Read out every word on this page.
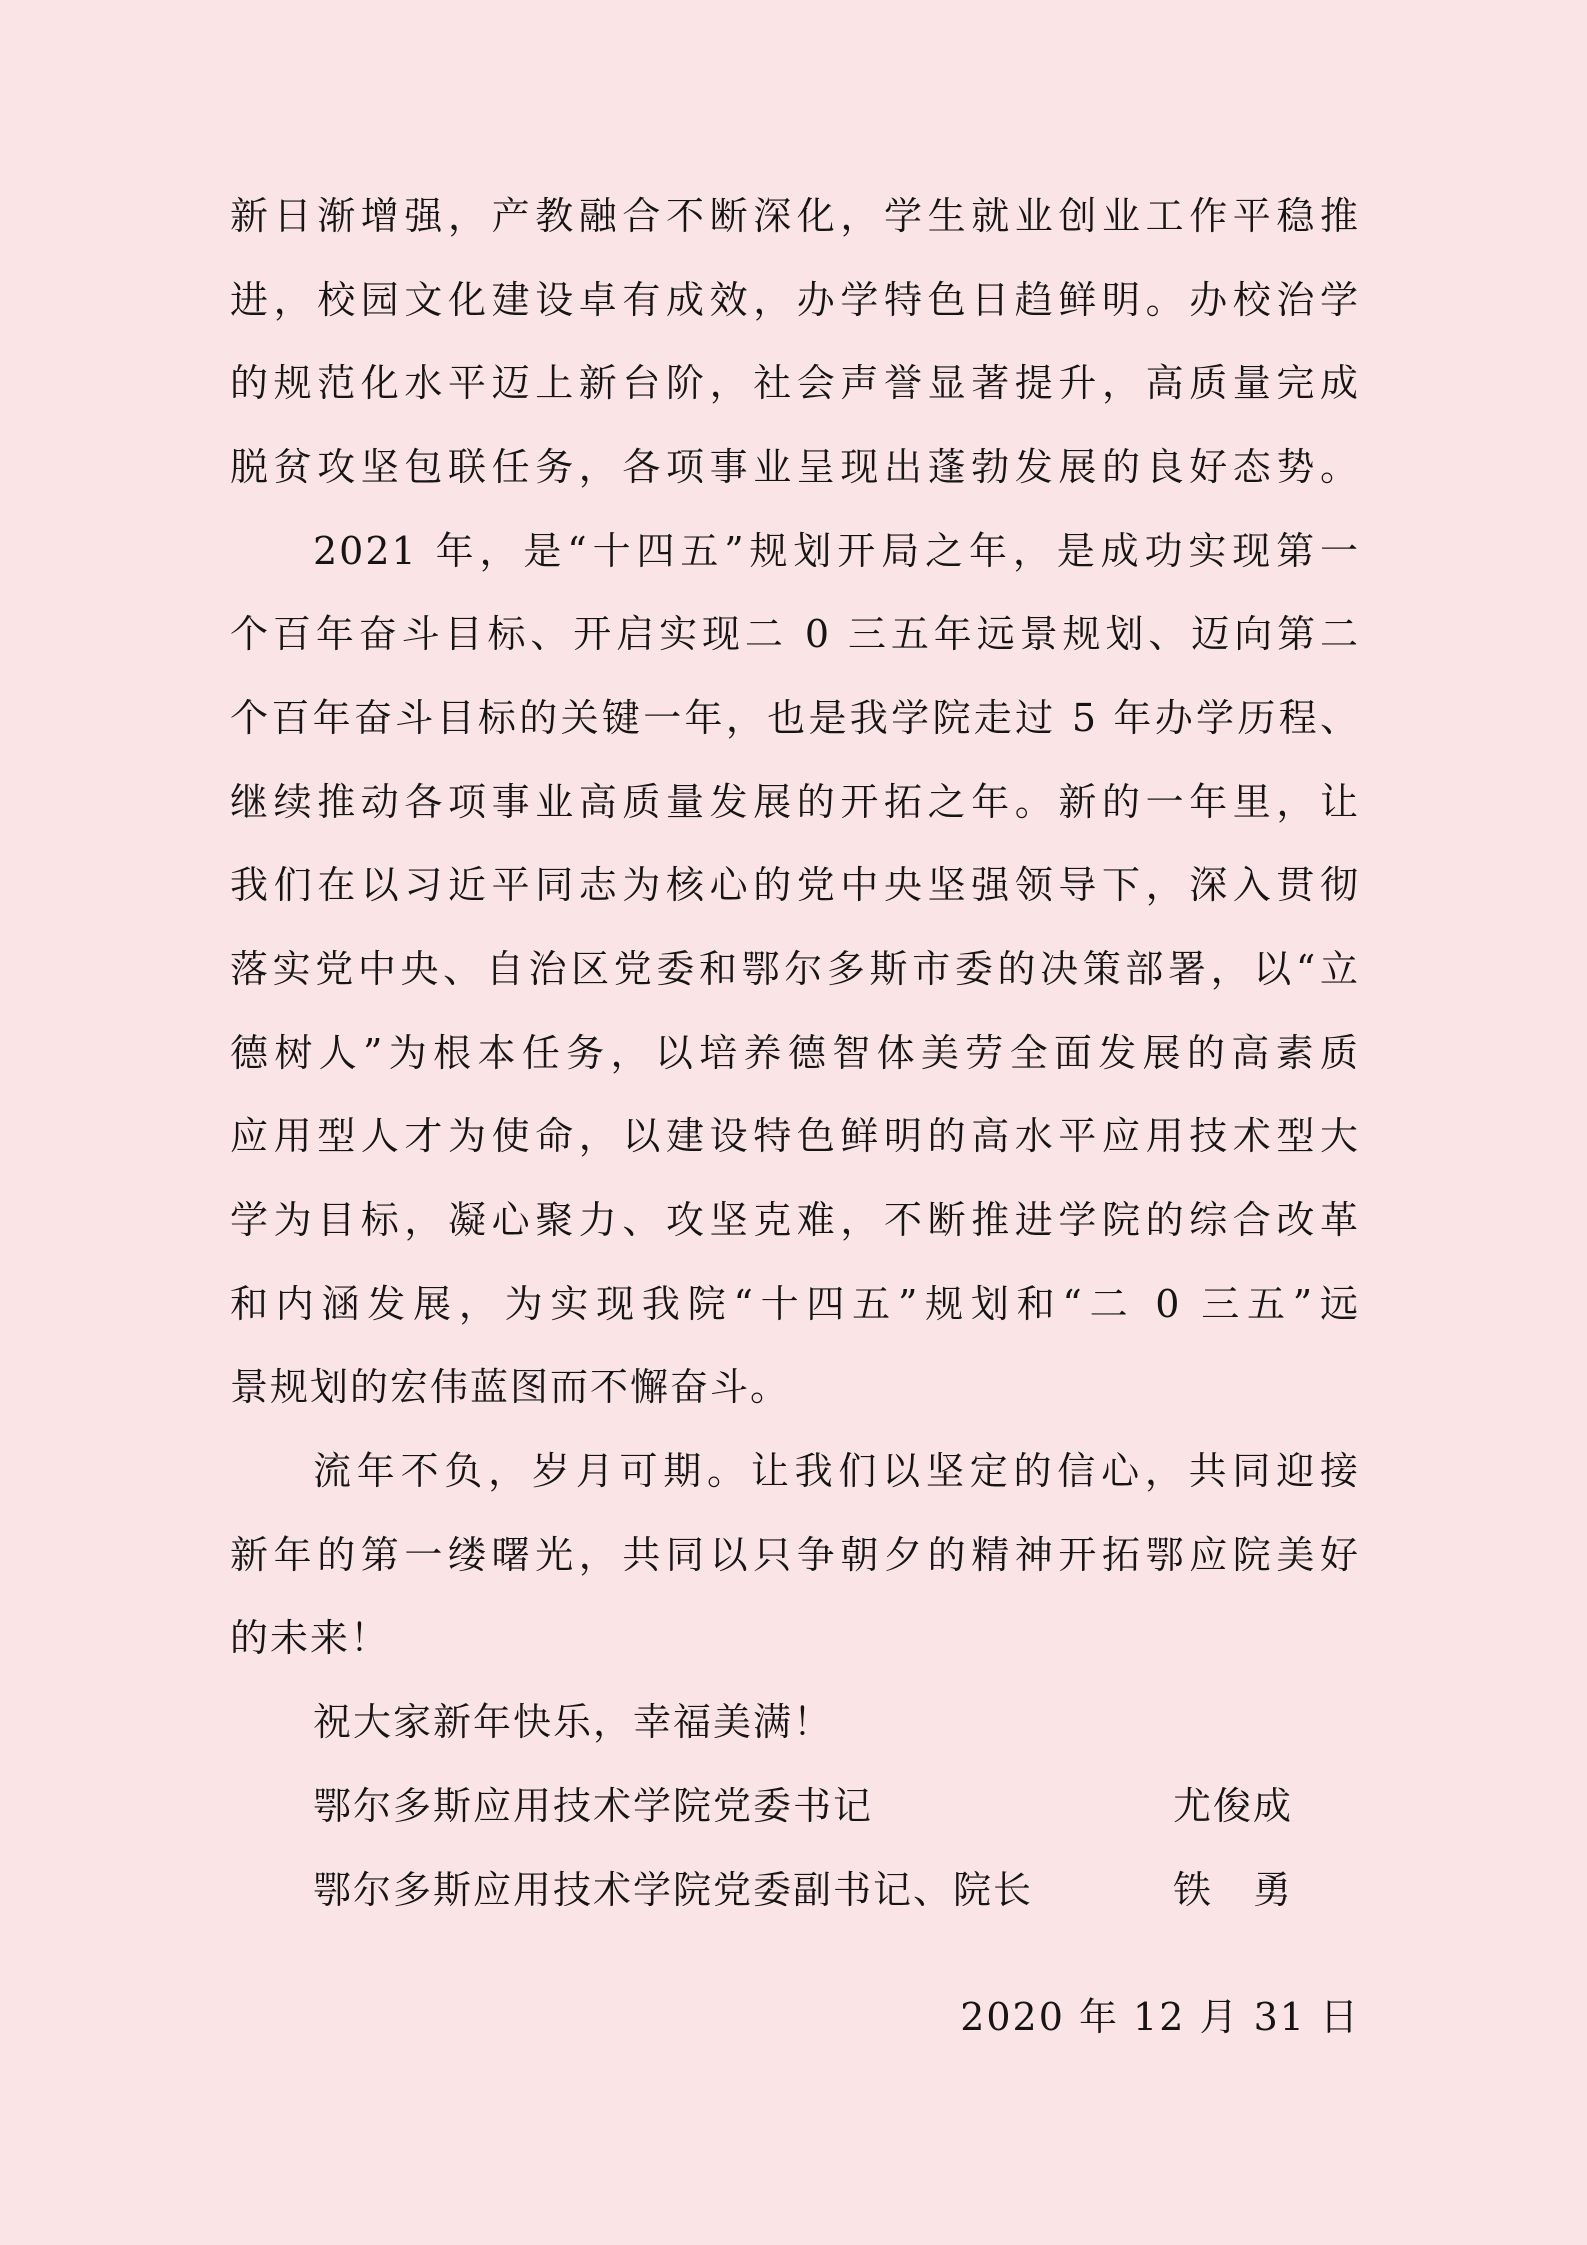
新日渐增强，产教融合不断深化，学生就业创业工作平稳推
进，校园文化建设卓有成效，办学特色日趋鲜明。办校治学
的规范化水平迈上新台阶，社会声誉显著提升，高质量完成
脱贫攻坚包联任务，各项事业呈现出蓬勃发展的良好态势。
2021 年，是“十四五”规划开局之年，是成功实现第一
个百年奋斗目标、开启实现二 0 三五年远景规划、迈向第二
个百年奋斗目标的关键一年，也是我学院走过 5 年办学历程、
继续推动各项事业高质量发展的开拓之年。新的一年里，让
我们在以习近平同志为核心的党中央坚强领导下，深入贯彻
落实党中央、自治区党委和鄂尔多斯市委的决策部署，以“立
德树人”为根本任务，以培养德智体美劳全面发展的高素质
应用型人才为使命，以建设特色鲜明的高水平应用技术型大
学为目标，凝心聚力、攻坚克难，不断推进学院的综合改革
和内涵发展，为实现我院“十四五”规划和“二 0 三五”远
景规划的宏伟蓝图而不懈奋斗。
流年不负，岁月可期。让我们以坚定的信心，共同迎接
新年的第一缕曙光，共同以只争朝夕的精神开拓鄂应院美好
的未来！
祝大家新年快乐，幸福美满！
鄂尔多斯应用技术学院党委书记	尤俊成
鄂尔多斯应用技术学院党委副书记、院长	铁勇
2020 年 12 月 31 日
